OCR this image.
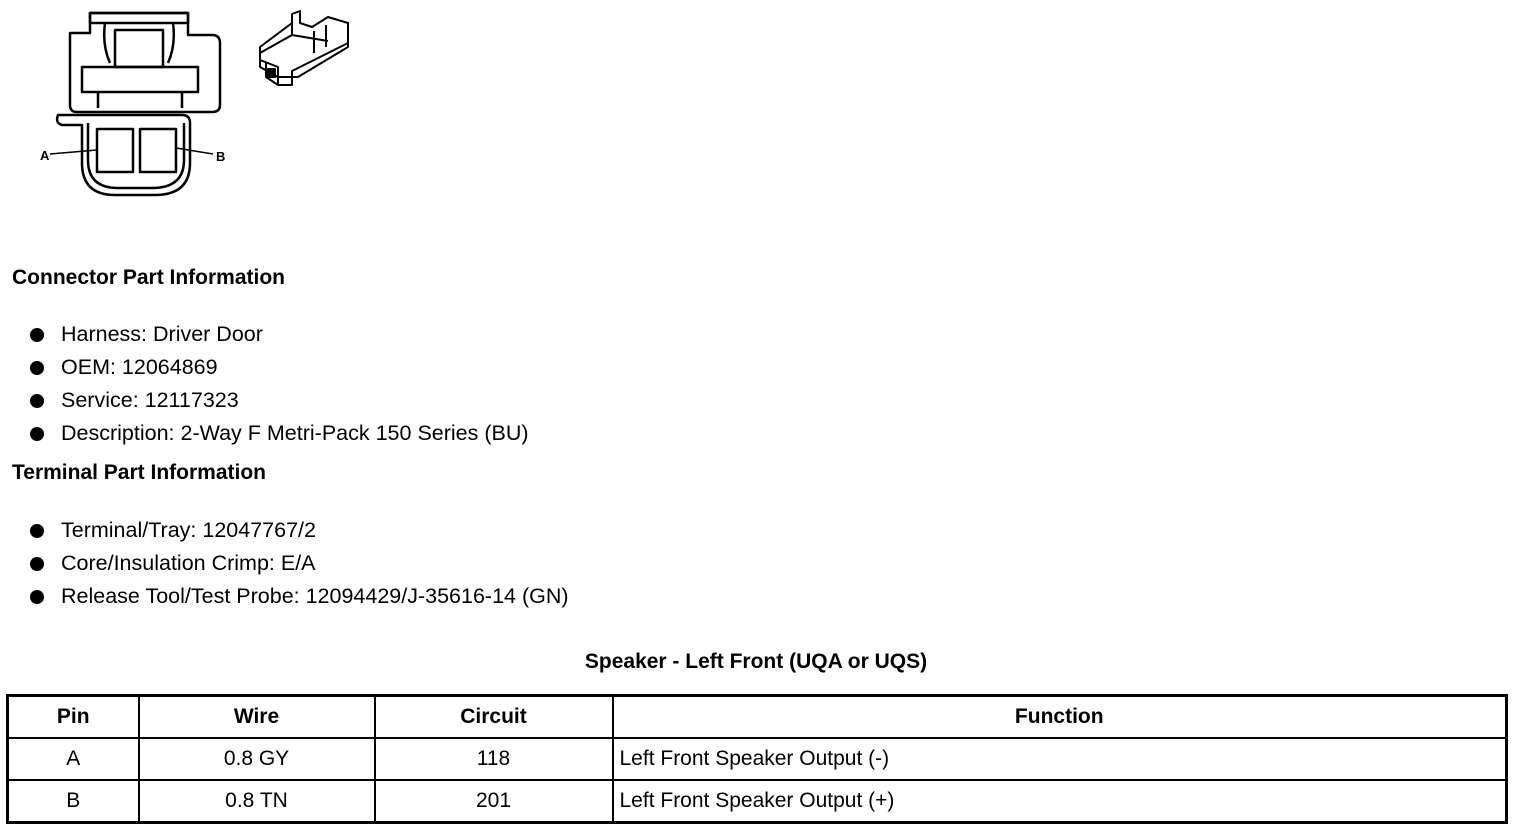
A	B
Connector Part Information
Harness: Driver Door
OEM: 12064869
Service: 12117323
Description: 2-Way F Metri-Pack 150 Series (BU)
Terminal Part Information
Terminal/Tray: 12047767/2
Core/Insulation Crimp: E/A
Release Tool/Test Probe: 12094429/J-35616-14 (GN)
Speaker - Left Front (UQA or UQS)
Pin	Wire	Circuit	Function
A	0.8 GY	118	Left Front Speaker Output (-)
B	0.8 TN	201	Left Front Speaker Output (+)
